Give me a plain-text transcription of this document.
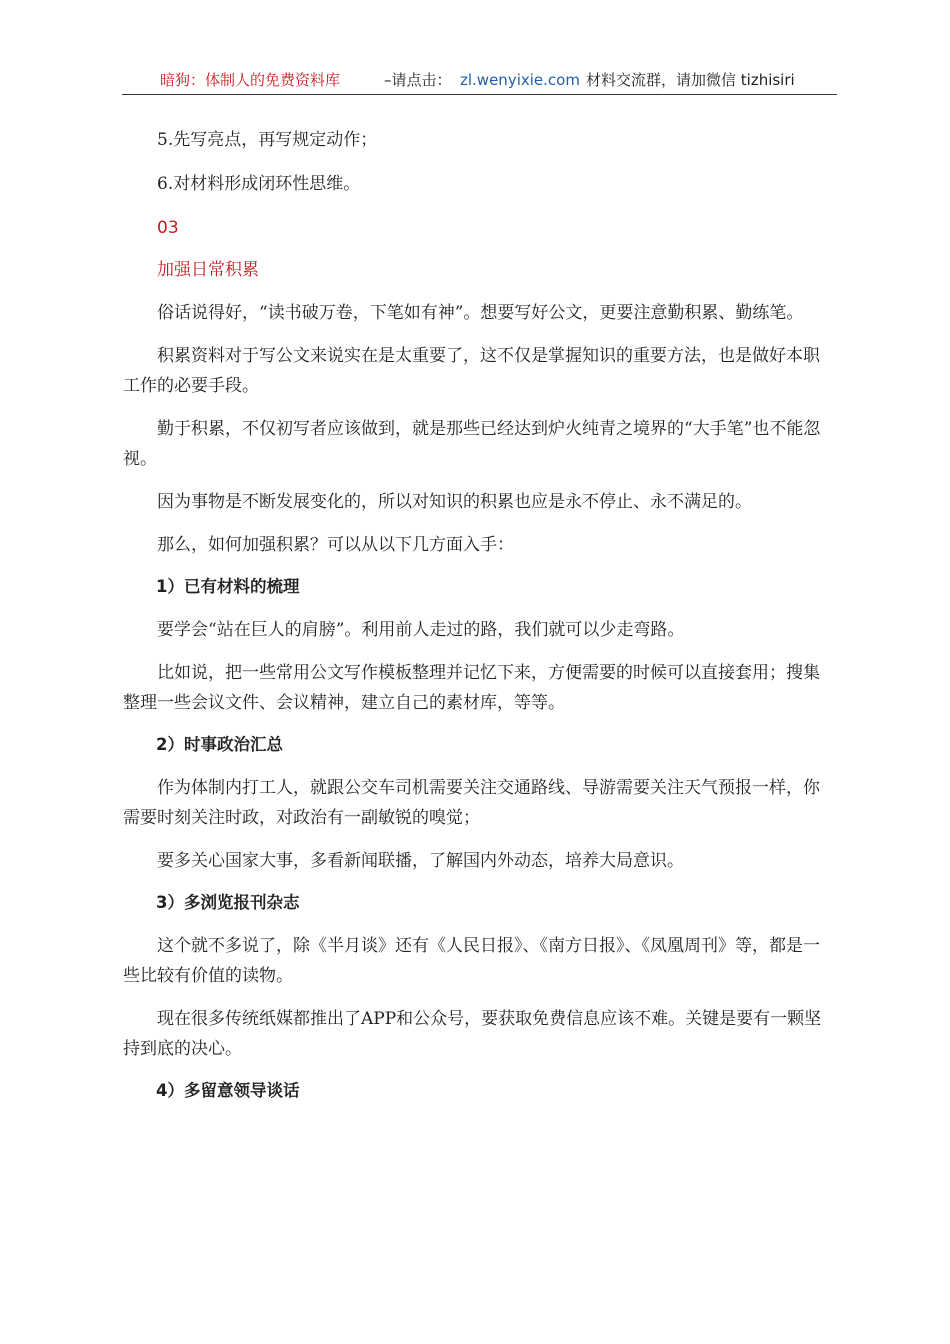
暗狗：体制人的免费资料库	–请点击： zl.wenyixie.com 材料交流群，请加微信 tizhisiri

5.先写亮点，再写规定动作；

6.对材料形成闭环性思维。

03

加强日常积累

俗话说得好，“读书破万卷，下笔如有神”。想要写好公文，更要注意勤积累、勤练笔。

积累资料对于写公文来说实在是太重要了，这不仅是掌握知识的重要方法，也是做好本职工作的必要手段。

勤于积累，不仅初写者应该做到，就是那些已经达到炉火纯青之境界的“大手笔”也不能忽视。

因为事物是不断发展变化的，所以对知识的积累也应是永不停止、永不满足的。

那么，如何加强积累？可以从以下几方面入手：

1）已有材料的梳理

要学会“站在巨人的肩膀”。利用前人走过的路，我们就可以少走弯路。

比如说，把一些常用公文写作模板整理并记忆下来，方便需要的时候可以直接套用；搜集整理一些会议文件、会议精神，建立自己的素材库，等等。

2）时事政治汇总

作为体制内打工人，就跟公交车司机需要关注交通路线、导游需要关注天气预报一样，你需要时刻关注时政，对政治有一副敏锐的嗅觉；

要多关心国家大事，多看新闻联播，了解国内外动态，培养大局意识。

3）多浏览报刊杂志

这个就不多说了，除《半月谈》还有《人民日报》、《南方日报》、《凤凰周刊》等，都是一些比较有价值的读物。

现在很多传统纸媒都推出了APP和公众号，要获取免费信息应该不难。关键是要有一颗坚持到底的决心。

4）多留意领导谈话
